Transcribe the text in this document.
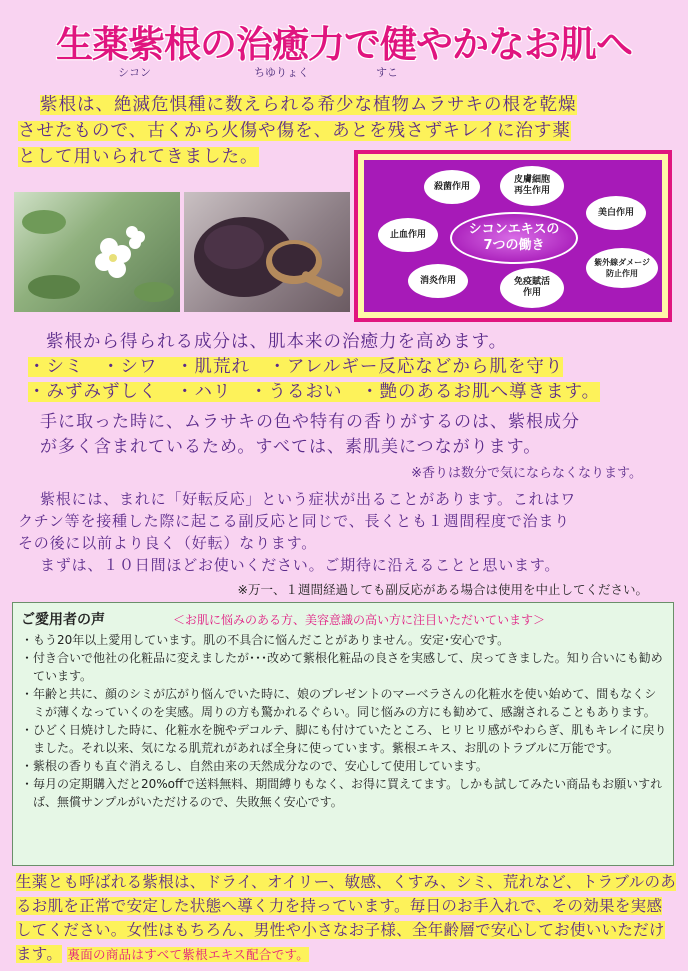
生薬紫根の治癒力で健やかなお肌へ
シコン	ちゆりょく	すこ
紫根は、絶滅危惧種に数えられる希少な植物ムラサキの根を乾燥
させたもので、古くから火傷や傷を、あとを残さずキレイに治す薬
として用いられてきました。
シコンエキスの
7つの働き
殺菌作用
皮膚細胞
再生作用
美白作用
止血作用
紫外線ダメージ
防止作用
消炎作用	免疫賦活
作用
紫根から得られる成分は、肌本来の治癒力を高めます。
・シミ　・シワ　・肌荒れ　・アレルギー反応などから肌を守り
・みずみずしく　・ハリ　・うるおい　・艶のあるお肌へ導きます。
手に取った時に、ムラサキの色や特有の香りがするのは、紫根成分
が多く含まれているため。すべては、素肌美につながります。
※香りは数分で気にならなくなります。
紫根には、まれに「好転反応」という症状が出ることがあります。これはワ
クチン等を接種した際に起こる副反応と同じで、長くとも１週間程度で治まり
その後に以前より良く（好転）なります。
まずは、１０日間ほどお使いください。ご期待に沿えることと思います。
※万一、１週間経過しても副反応がある場合は使用を中止してください。
ご愛用者の声	＜お肌に悩みのある方、美容意識の高い方に注目いただいています＞
・もう20年以上愛用しています。肌の不具合に悩んだことがありません。安定･安心です。
・付き合いで他社の化粧品に変えましたが･･･改めて紫根化粧品の良さを実感して、戻ってきました。知り合いにも勧めています。
・年齢と共に、顔のシミが広がり悩んでいた時に、娘のプレゼントのマーベラさんの化粧水を使い始めて、間もなくシミが薄くなっていくのを実感。周りの方も驚かれるぐらい。同じ悩みの方にも勧めて、感謝されることもあります。
・ひどく日焼けした時に、化粧水を腕やデコルテ、脚にも付けていたところ、ヒリヒリ感がやわらぎ、肌もキレイに戻りました。それ以来、気になる肌荒れがあれば全身に使っています。紫根エキス、お肌のトラブルに万能です。
・紫根の香りも直ぐ消えるし、自然由来の天然成分なので、安心して使用しています。
・毎月の定期購入だと20%offで送料無料、期間縛りもなく、お得に買えてます。しかも試してみたい商品もお願いすれば、無償サンプルがいただけるので、失敗無く安心です。
生薬とも呼ばれる紫根は、ドライ、オイリー、敏感、くすみ、シミ、荒れなど、トラブルのあるお肌を正常で安定した状態へ導く力を持っています。毎日のお手入れで、その効果を実感してください。女性はもちろん、男性や小さなお子様、全年齢層で安心してお使いいただけます。 裏面の商品はすべて紫根エキス配合です。
